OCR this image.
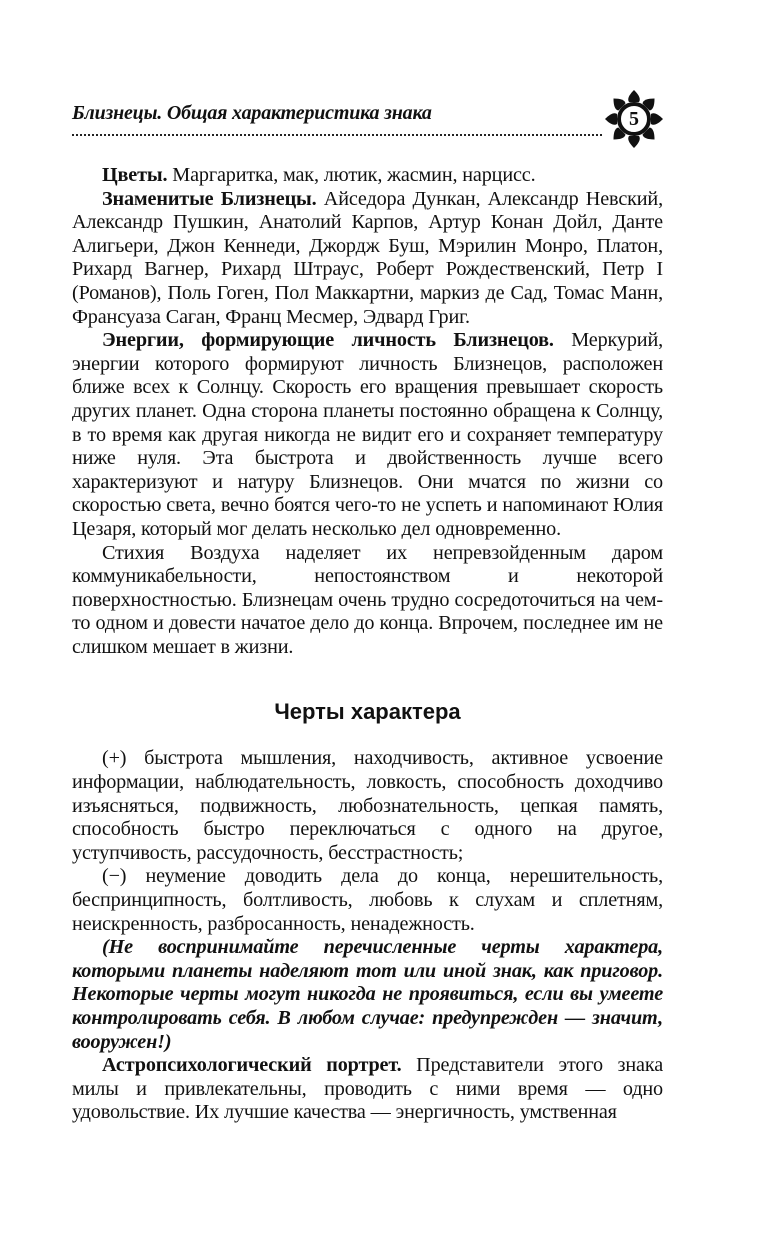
Близнецы. Общая характеристика знака	5

Цветы. Маргаритка, мак, лютик, жасмин, нарцисс.

Знаменитые Близнецы. Айседора Дункан, Александр Невский, Александр Пушкин, Анатолий Карпов, Артур Конан Дойл, Данте Алигьери, Джон Кеннеди, Джордж Буш, Мэрилин Монро, Платон, Рихард Вагнер, Рихард Штраус, Роберт Рождественский, Петр I (Романов), Поль Гоген, Пол Маккартни, маркиз де Сад, Томас Манн, Франсуаза Саган, Франц Месмер, Эдвард Григ.

Энергии, формирующие личность Близнецов. Меркурий, энергии которого формируют личность Близнецов, расположен ближе всех к Солнцу. Скорость его вращения превышает скорость других планет. Одна сторона планеты постоянно обращена к Солнцу, в то время как другая никогда не видит его и сохраняет температуру ниже нуля. Эта быстрота и двойственность лучше всего характеризуют и натуру Близнецов. Они мчатся по жизни со скоростью света, вечно боятся чего-то не успеть и напоминают Юлия Цезаря, который мог делать несколько дел одновременно.

Стихия Воздуха наделяет их непревзойденным даром коммуникабельности, непостоянством и некоторой поверхностностью. Близнецам очень трудно сосредоточиться на чем-то одном и довести начатое дело до конца. Впрочем, последнее им не слишком мешает в жизни.

Черты характера

(+) быстрота мышления, находчивость, активное усвоение информации, наблюдательность, ловкость, способность доходчиво изъясняться, подвижность, любознательность, цепкая память, способность быстро переключаться с одного на другое, уступчивость, рассудочность, бесстрастность;

(−) неумение доводить дела до конца, нерешительность, беспринципность, болтливость, любовь к слухам и сплетням, неискренность, разбросанность, ненадежность.

(Не воспринимайте перечисленные черты характера, которыми планеты наделяют тот или иной знак, как приговор. Некоторые черты могут никогда не проявиться, если вы умеете контролировать себя. В любом случае: предупрежден — значит, вооружен!)

Астропсихологический портрет. Представители этого знака милы и привлекательны, проводить с ними время — одно удовольствие. Их лучшие качества — энергичность, умственная
